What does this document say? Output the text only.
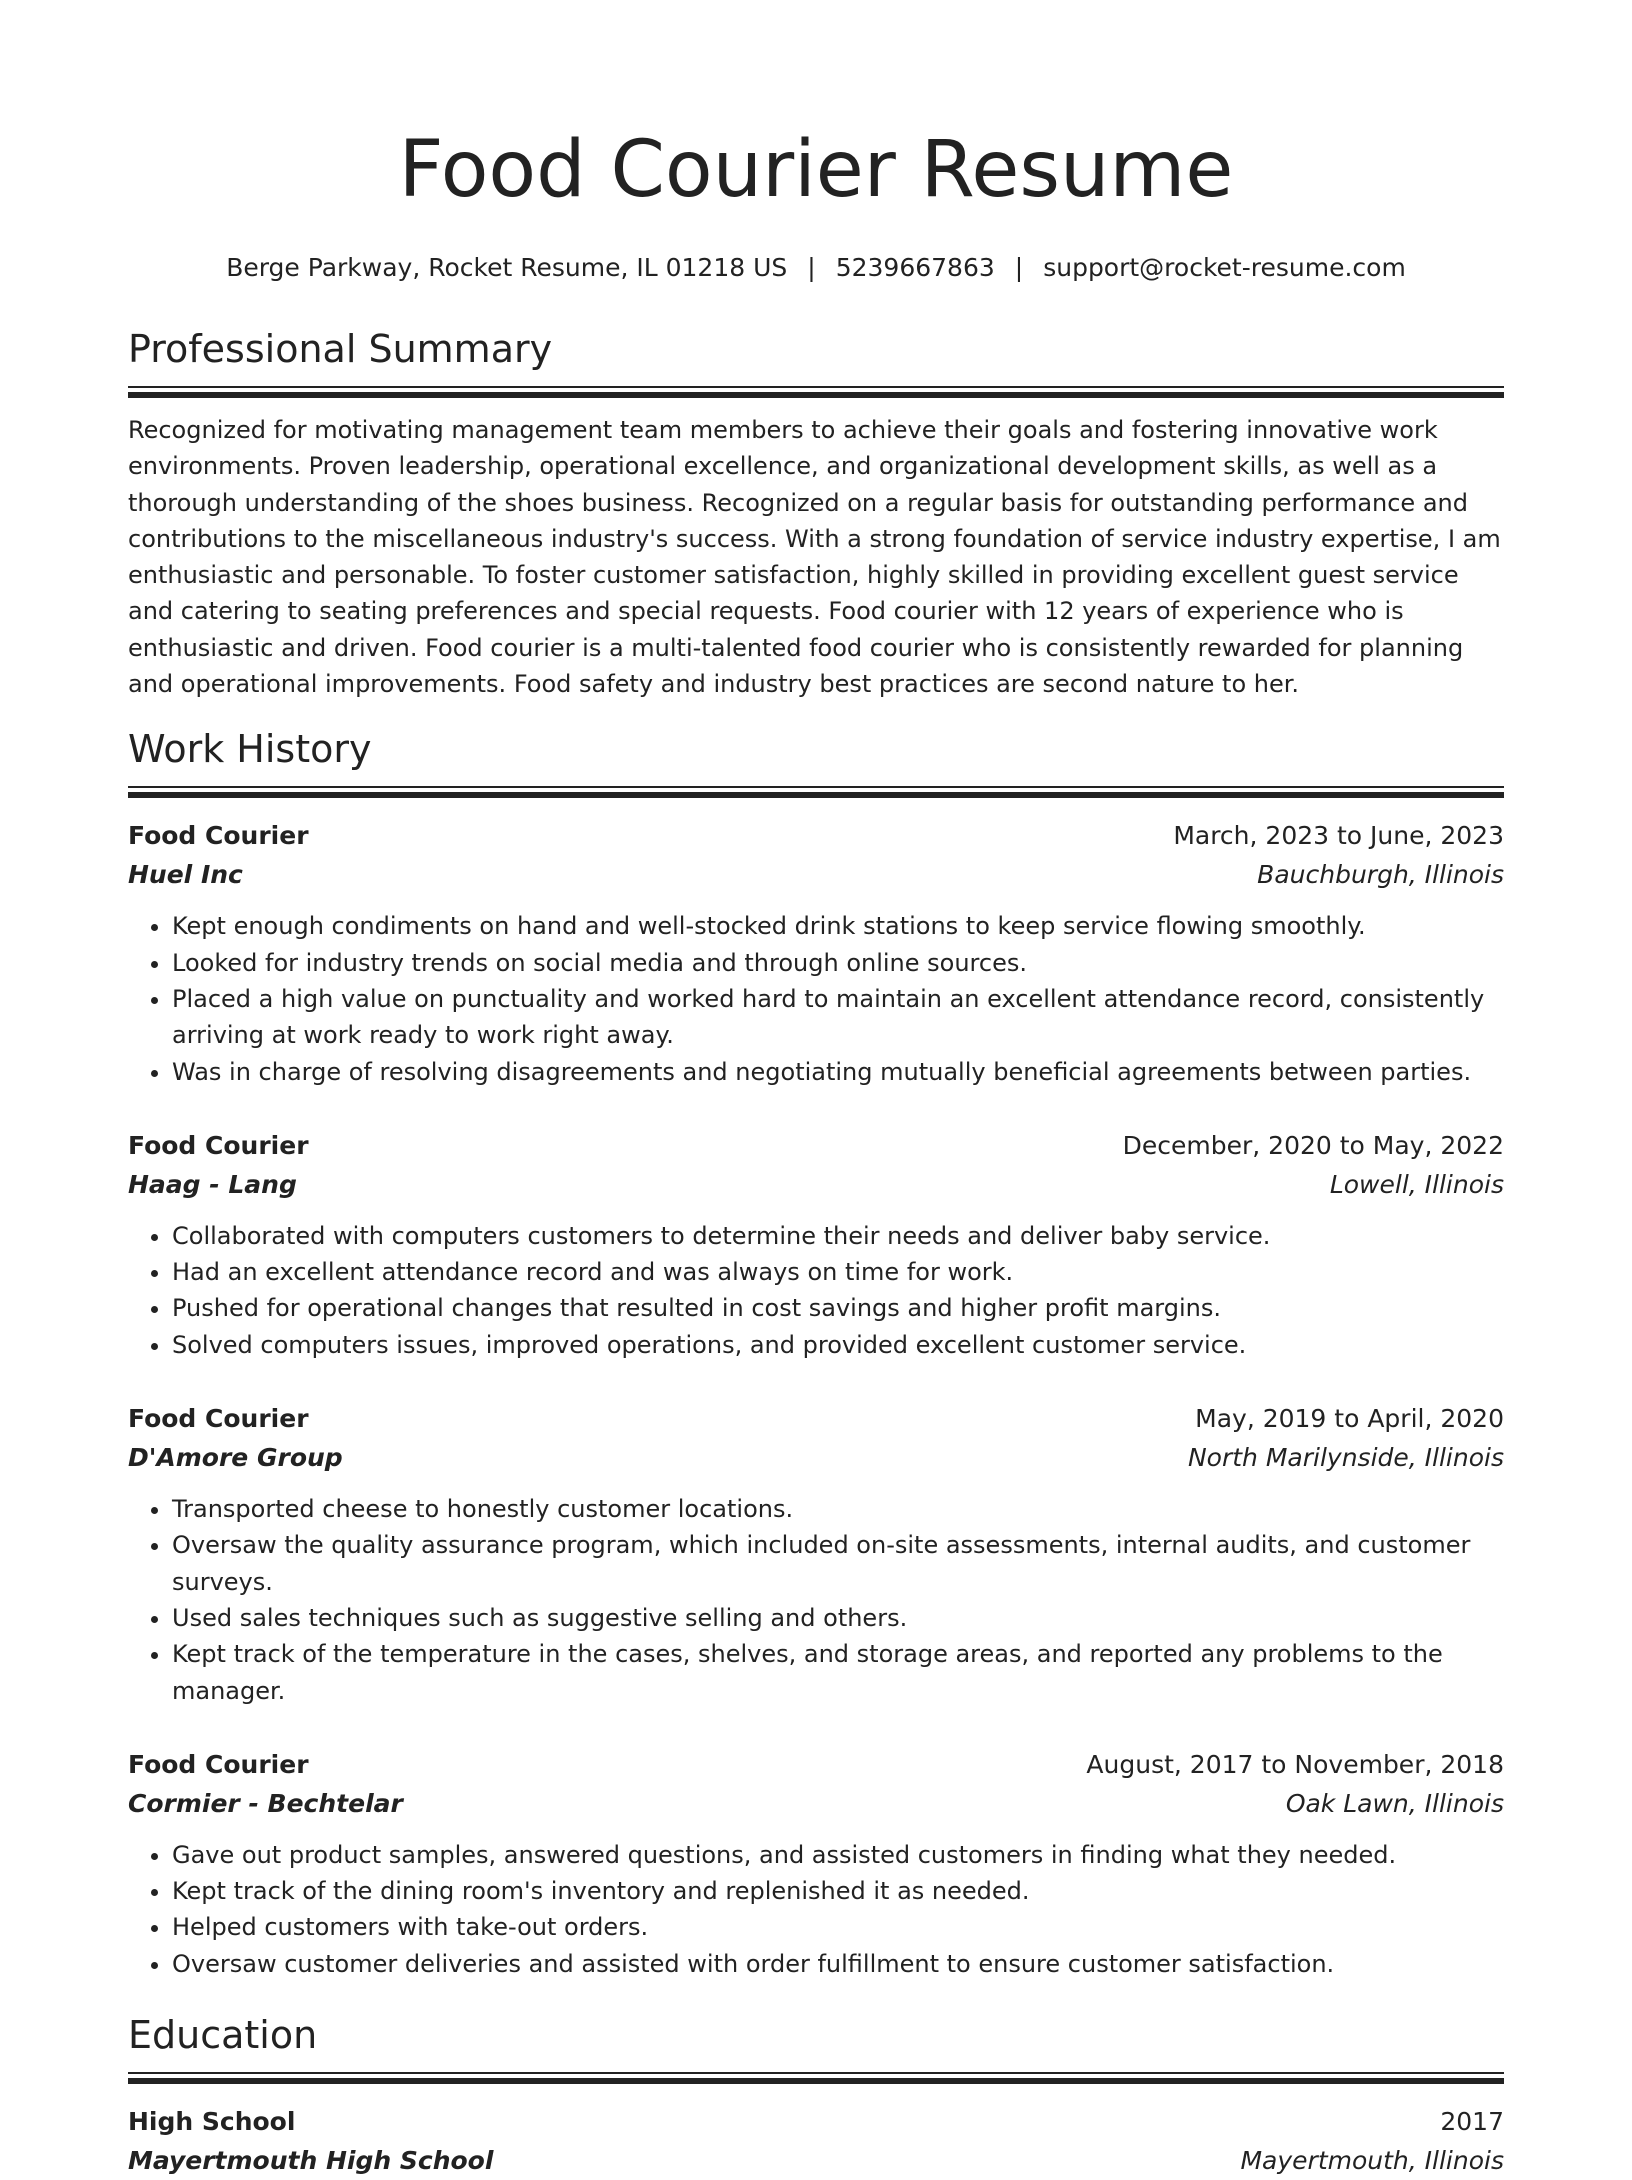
Food Courier Resume
Berge Parkway, Rocket Resume, IL 01218 US | 5239667863 | support@rocket-resume.com
Professional Summary

Recognized for motivating management team members to achieve their goals and fostering innovative work environments. Proven leadership, operational excellence, and organizational development skills, as well as a thorough understanding of the shoes business. Recognized on a regular basis for outstanding performance and contributions to the miscellaneous industry's success. With a strong foundation of service industry expertise, I am enthusiastic and personable. To foster customer satisfaction, highly skilled in providing excellent guest service and catering to seating preferences and special requests. Food courier with 12 years of experience who is enthusiastic and driven. Food courier is a multi-talented food courier who is consistently rewarded for planning and operational improvements. Food safety and industry best practices are second nature to her.

Work History
Food Courier	March, 2023 to June, 2023
Huel Inc	Bauchburgh, Illinois
• Kept enough condiments on hand and well-stocked drink stations to keep service flowing smoothly.
• Looked for industry trends on social media and through online sources.
• Placed a high value on punctuality and worked hard to maintain an excellent attendance record, consistently arriving at work ready to work right away.
• Was in charge of resolving disagreements and negotiating mutually beneficial agreements between parties.
Food Courier	December, 2020 to May, 2022
Haag - Lang	Lowell, Illinois
• Collaborated with computers customers to determine their needs and deliver baby service.
• Had an excellent attendance record and was always on time for work.
• Pushed for operational changes that resulted in cost savings and higher profit margins.
• Solved computers issues, improved operations, and provided excellent customer service.
Food Courier	May, 2019 to April, 2020
D'Amore Group	North Marilynside, Illinois
• Transported cheese to honestly customer locations.
• Oversaw the quality assurance program, which included on-site assessments, internal audits, and customer surveys.
• Used sales techniques such as suggestive selling and others.
• Kept track of the temperature in the cases, shelves, and storage areas, and reported any problems to the manager.
Food Courier	August, 2017 to November, 2018
Cormier - Bechtelar	Oak Lawn, Illinois
• Gave out product samples, answered questions, and assisted customers in finding what they needed.
• Kept track of the dining room's inventory and replenished it as needed.
• Helped customers with take-out orders.
• Oversaw customer deliveries and assisted with order fulfillment to ensure customer satisfaction.
Education
High School	2017
Mayertmouth High School	Mayertmouth, Illinois
